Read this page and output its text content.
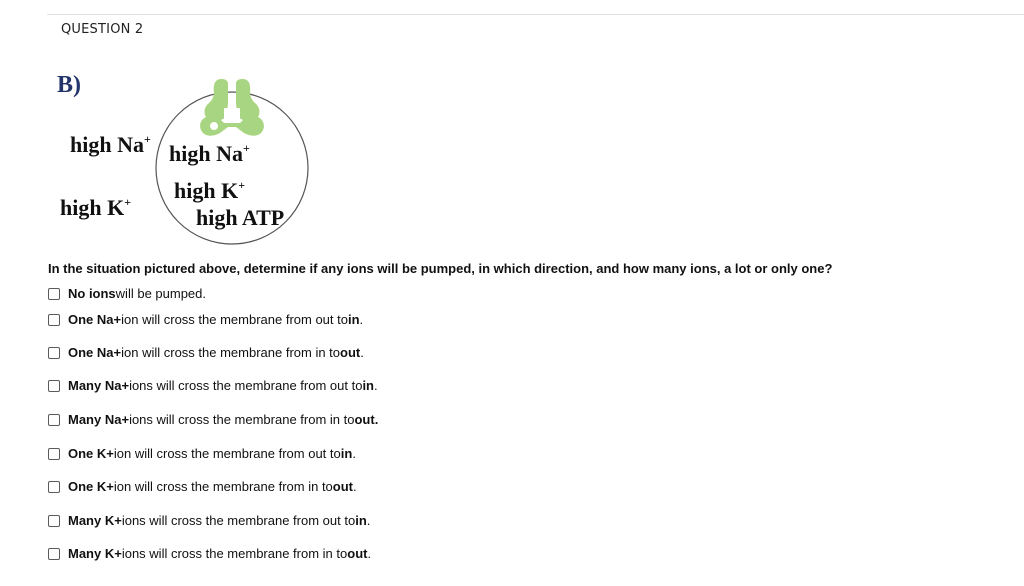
QUESTION 2
B)
high Na+
high K+
high Na+
high K+
high ATP
In the situation pictured above, determine if any ions will be pumped, in which direction, and how many ions, a lot or only one?
No ions will be pumped.
One Na+ ion will cross the membrane from out to in .
One Na+ ion will cross the membrane from in to out .
Many Na+ ions will cross the membrane from out to in .
Many Na+ ions will cross the membrane from in to out.
One K+ ion will cross the membrane from out to in .
One K+ ion will cross the membrane from in to out .
Many K+ ions will cross the membrane from out to in .
Many K+ ions will cross the membrane from in to out .
